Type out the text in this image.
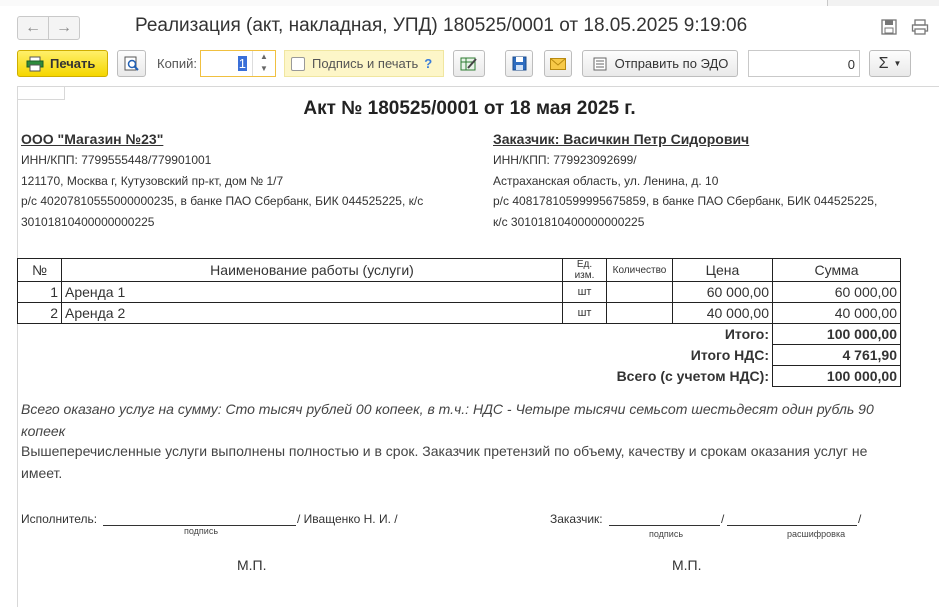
← →	Реализация (акт, накладная, УПД) 180525/0001 от 18.05.2025 9:19:06
Печать	Копий:	1	▲
▼	Подпись и печать ?	Отправить по ЭДО	0	Σ ▼
Акт № 180525/0001 от 18 мая 2025 г.
ООО "Магазин №23"
ИНН/КПП: 7799555448/779901001
121170, Москва г, Кутузовский пр-кт, дом № 1/7
р/с 40207810555000000235, в банке ПАО Сбербанк, БИК 044525225, к/с
30101810400000000225
Заказчик: Васичкин Петр Сидорович
ИНН/КПП: 779923092699/
Астраханская область, ул. Ленина, д. 10
р/с 40817810599995675859, в банке ПАО Сбербанк, БИК 044525225,
к/с 30101810400000000225
№	Наименование работы (услуги)	Ед. изм.	Количество	Цена	Сумма
1	Аренда 1	шт		60 000,00	60 000,00
2	Аренда 2	шт		40 000,00	40 000,00
Итого:					100 000,00
Итого НДС:					4 761,90
Всего (с учетом НДС):					100 000,00
Всего оказано услуг на сумму: Сто тысяч рублей 00 копеек, в т.ч.: НДС - Четыре тысячи семьсот шестьдесят один рубль 90 копеек
Вышеперечисленные услуги выполнены полностью и в срок. Заказчик претензий по объему, качеству и срокам оказания услуг не имеет.
Исполнитель:	/ Иващенко Н. И. /
подпись
Заказчик:	/	/
подпись	расшифровка
М.П.	М.П.
